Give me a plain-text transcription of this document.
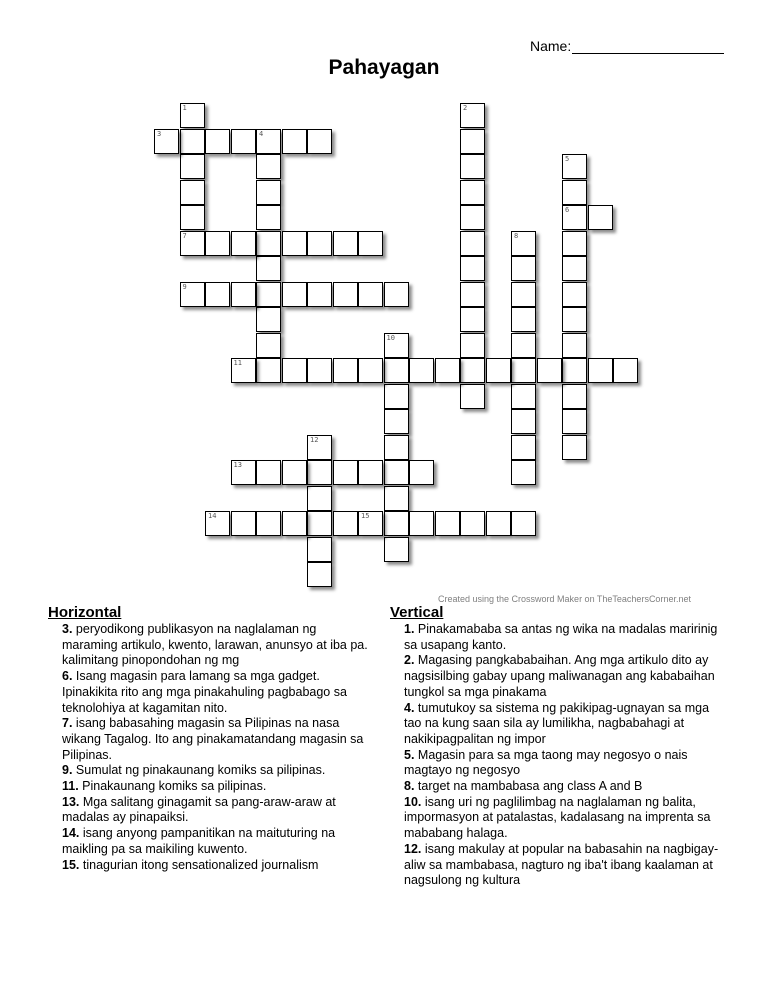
Name:
Pahayagan
1	2
3	4
5
6
7	8
9
10
11
12
13
14	15
Created using the Crossword Maker on TheTeachersCorner.net
Horizontal
3. peryodikong publikasyon na naglalaman ng maraming artikulo, kwento, larawan, anunsyo at iba pa. kalimitang pinopondohan ng mg
6. Isang magasin para lamang sa mga gadget. Ipinakikita rito ang mga pinakahuling pagbabago sa teknolohiya at kagamitan nito.
7. isang babasahing magasin sa Pilipinas na nasa wikang Tagalog. Ito ang pinakamatandang magasin sa Pilipinas.
9. Sumulat ng pinakaunang komiks sa pilipinas.
11. Pinakaunang komiks sa pilipinas.
13. Mga salitang ginagamit sa pang-araw-araw at madalas ay pinapaiksi.
14. isang anyong pampanitikan na maituturing na maikling pa sa maikiling kuwento.
15. tinagurian itong sensationalized journalism
Vertical
1. Pinakamababa sa antas ng wika na madalas maririnig sa usapang kanto.
2. Magasing pangkababaihan. Ang mga artikulo dito ay nagsisilbing gabay upang maliwanagan ang kababaihan tungkol sa mga pinakama
4. tumutukoy sa sistema ng pakikipag-ugnayan sa mga tao na kung saan sila ay lumilikha, nagbabahagi at nakikipagpalitan ng impor
5. Magasin para sa mga taong may negosyo o nais magtayo ng negosyo
8. target na mambabasa ang class A and B
10. isang uri ng paglilimbag na naglalaman ng balita, impormasyon at patalastas, kadalasang na imprenta sa mababang halaga.
12. isang makulay at popular na babasahin na nagbigay-aliw sa mambabasa, nagturo ng iba't ibang kaalaman at nagsulong ng kultura
